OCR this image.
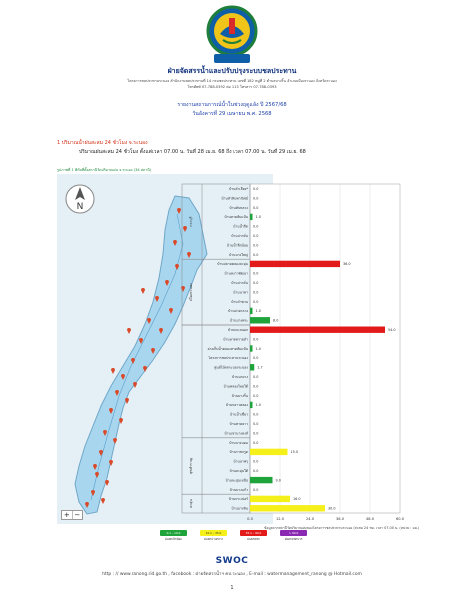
ฝ่ายจัดสรรน้ำและปรับปรุงระบบชลประทาน
โครงการชลประทานระนอง สำนักงานชลประทานที่ 14 กรมชลประทาน เลขที่ 182 หมู่ที่ 2 ตำบลบางริ้น อำเภอเมืองระนอง จังหวัดระนอง
โทรศัพท์ 07-788-0392 ต่อ 113 โทรสาร 07-788-0393
รายงานสถานการณ์น้ำในช่วงฤดูแล้ง ปี 2567/68
วันอังคารที่ 29 เมษายน พ.ศ. 2568
1 ปริมาณน้ำฝนสะสม 24 ชั่วโมง จ.ระนอง
ปริมาณฝนสะสม 24 ชั่วโมง ตั้งแต่เวลา 07.00 น. วันที่ 28 เม.ย. 68 ถึง เวลา 07.00 น. วันที่ 29 เม.ย. 68
รูปภาพที่ 1 พิกัดที่ตั้งสถานีวัดปริมาณฝน จ.ระนอง (34 สถานี)
N
+ −	0.0	12.0	24.0	36.0	48.0	60.0
กระบุรี
เมืองระนอง
สุขสำราญ
ละอุ่น
บ้านลำเลียง* 0.0
บ้านหัวหินพาณิชย์ 0.0
บ้านทับหลวง 0.0
บ้านหาดส้มแป้น 1.0
บ้านน้ำจืด 0.0
บ้านปากจั่น 0.0
บ้านน้ำจืดน้อย 0.0
บ้านบางใหญ่ 0.0
บ้านปลายคลองละอุ่น	36.0
บ้านหงาวพัฒนา 0.0
บ้านปากจั่น 0.0
บ้านนาคา 0.0
บ้านกำพวน 0.0
บ้านม่วงกลวง 1.0
บ้านบางพระ	8.0
บ้านทะเลนอก	54.0
บ้านหาดทรายดำ 0.0
อ่างเก็บน้ำคลองหาดส้มแป้น 1.0
โครงการชลประทานระนอง 0.0
ศูนย์ไม้ผลระนองระนอง	1.7
บ้านนกงาง 0.0
บ้านคลองใหม่ใต้ 0.0
บ้านบางริ้น 0.0
บ้านหงาวคลอง 1.0
บ้านน้ำเชี่ยว 0.0
บ้านหาดยาว 0.0
บ้านเขานางหงส์ 0.0
บ้านบางนอน 0.0
บ้านราชกรูด	15.0
บ้านนาพรุ 0.0
บ้านละอุ่นใต้ 0.0
บ้านละอุ่นเหนือ	9.0
บ้านบางแก้ว 0.0
บ้านกระเปอร์	16.0
บ้านบางหิน	30.0
ข้อมูลจากสถานีวัดปริมาณฝนของโครงการชลประทานระนอง (สะสม 24 ชม. เวลา 07.00 น. (หน่วย : มม.)
0.1 – 10.0
ฝนตกเล็กน้อย
10.1 – 35.0
ฝนตกปานกลาง
35.1 – 90.0
ฝนตกหนัก
> 90.0
ฝนตกหนักมาก
SWOC
http : // www.ranong.rid.go.th , facebook : ฝ่ายจัดสรรน้ำฯ คป.ระนอง , E-mail : watermanagement_ranong @ Hotmail.com
1
